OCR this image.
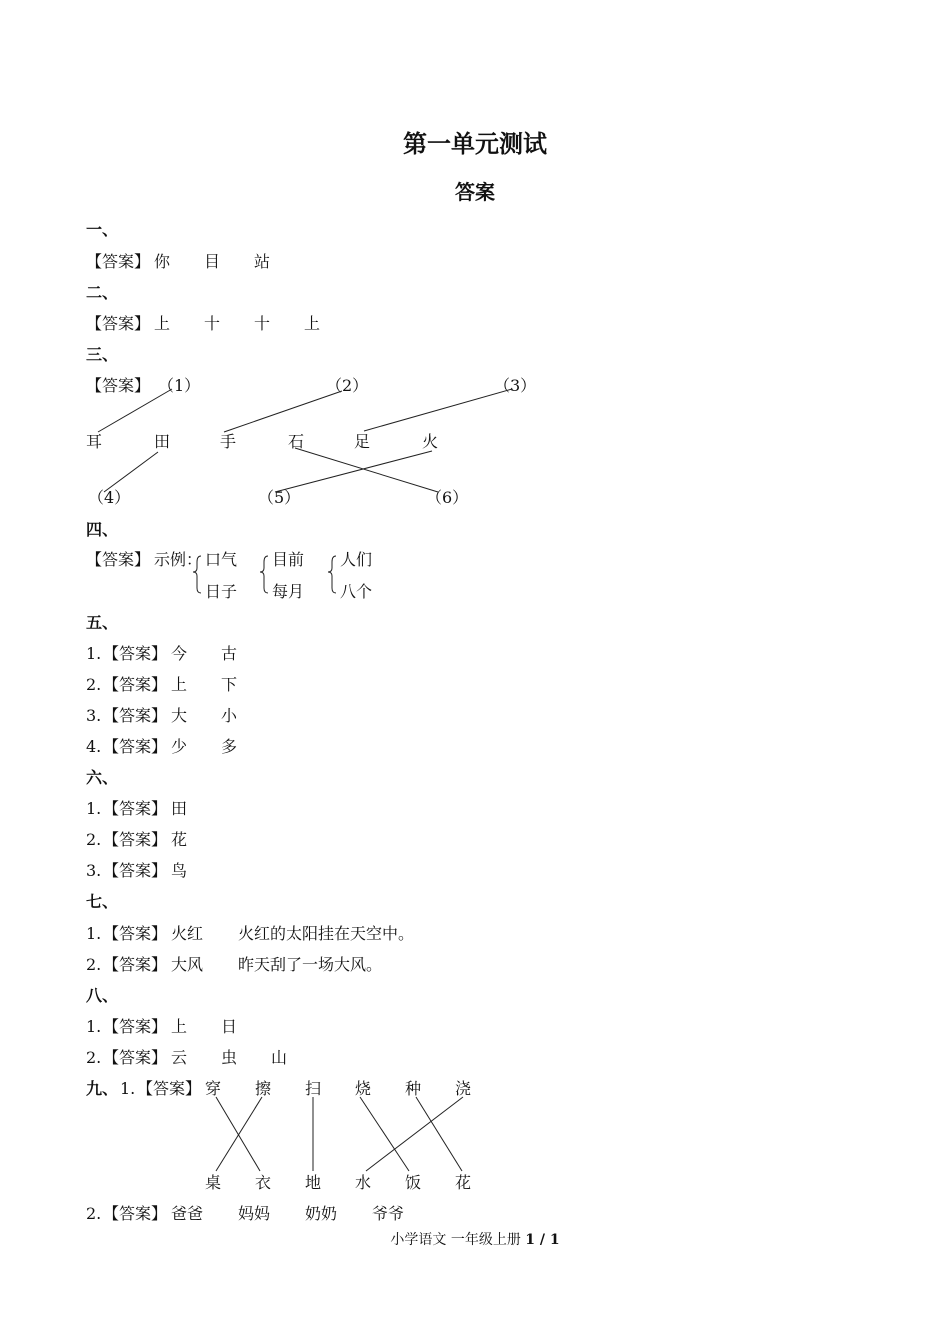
第一单元测试
答案
一、
【答案】 你 目 站
二、
【答案】 上 十 十 上
三、
【答案】 （1）	（2）	（3）
耳	田	手	石	足	火
（4）	（5）	（6）
四、
【答案】 示例： 口气
日子
目前
每月
人们
八个
五、
1. 【答案】 今 古
2. 【答案】 上 下
3. 【答案】 大 小
4. 【答案】 少 多
六、
1. 【答案】 田
2. 【答案】 花
3. 【答案】 鸟
七、
1. 【答案】 火红 火红的太阳挂在天空中。
2. 【答案】 大风 昨天刮了一场大风。
八、
1. 【答案】 上 日
2. 【答案】 云 虫 山
九、 1. 【答案】 穿 擦 扫 烧 种 浇
桌 衣 地 水 饭 花
2. 【答案】 爸爸 妈妈 奶奶 爷爷
小学语文 一年级上册 1 / 1
